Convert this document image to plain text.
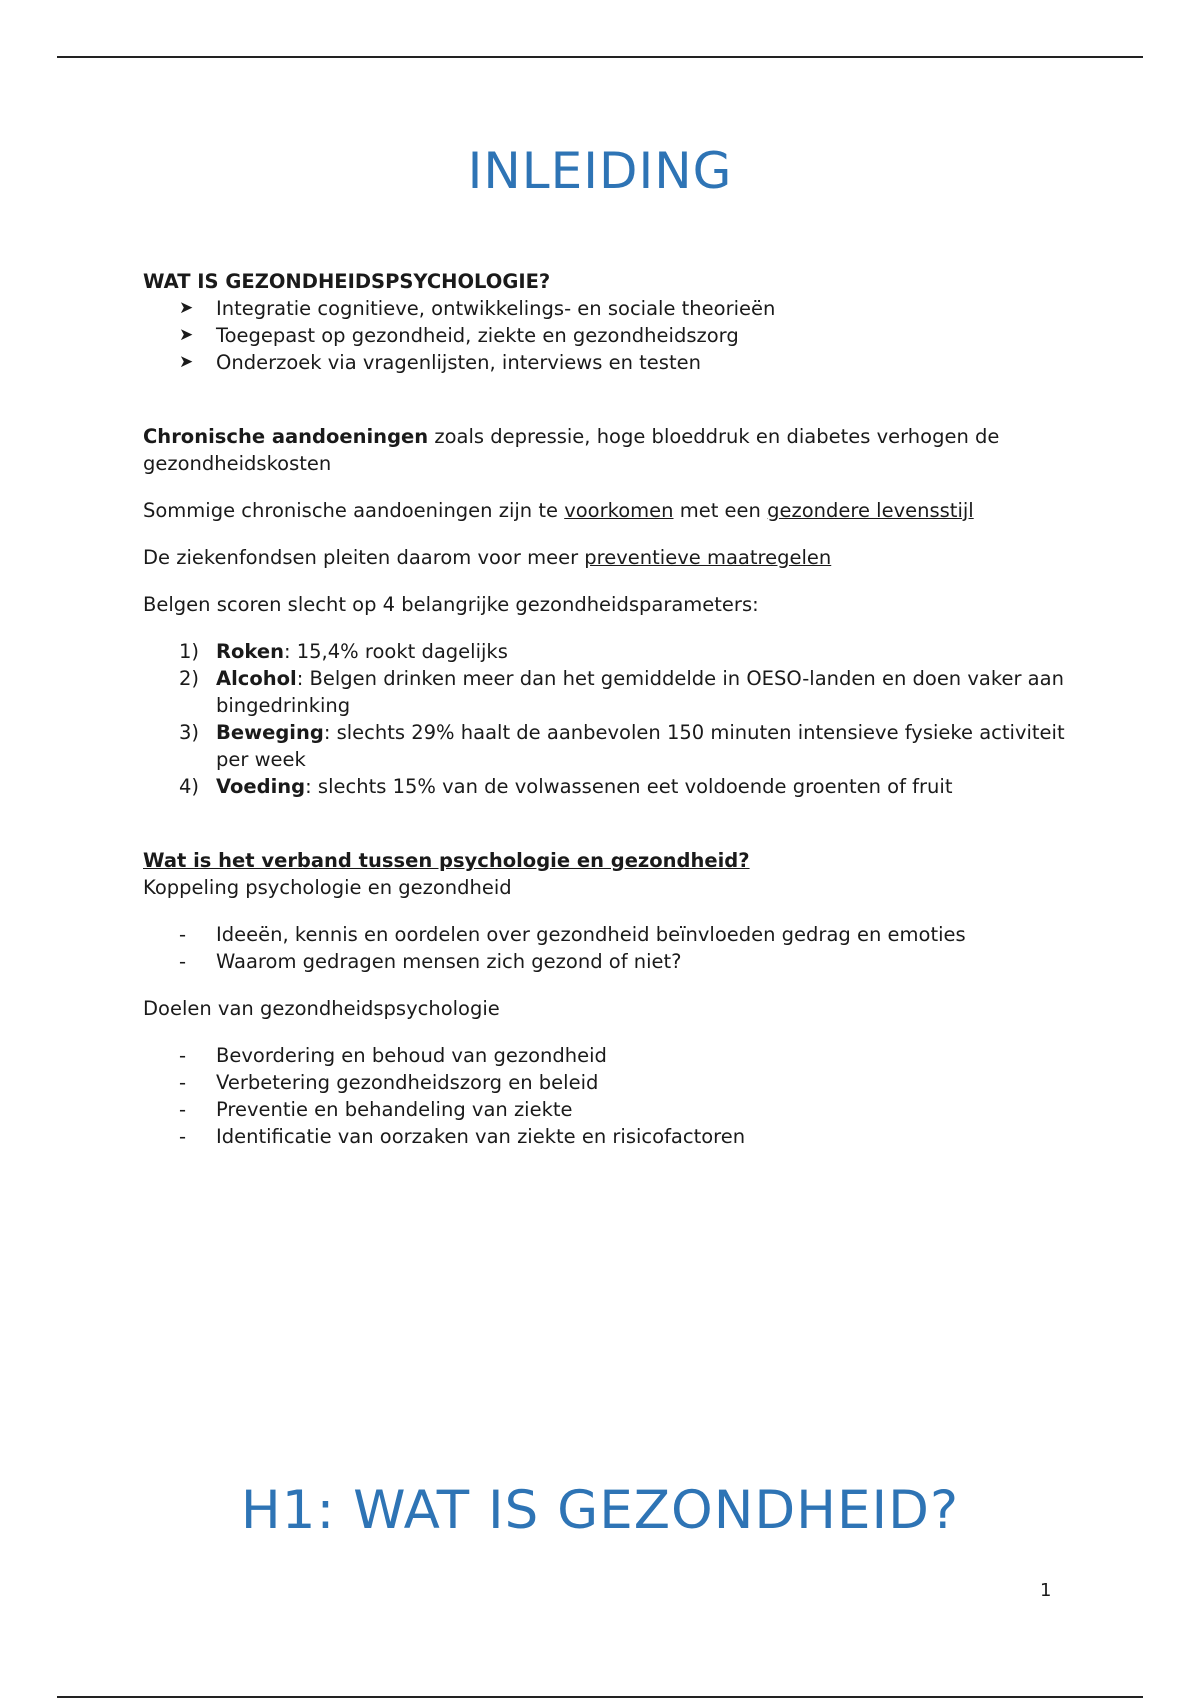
INLEIDING

WAT IS GEZONDHEIDSPSYCHOLOGIE?

➤ Integratie cognitieve, ontwikkelings- en sociale theorieën
➤ Toegepast op gezondheid, ziekte en gezondheidszorg
➤ Onderzoek via vragenlijsten, interviews en testen

Chronische aandoeningen zoals depressie, hoge bloeddruk en diabetes verhogen de gezondheidskosten

Sommige chronische aandoeningen zijn te voorkomen met een gezondere levensstijl

De ziekenfondsen pleiten daarom voor meer preventieve maatregelen

Belgen scoren slecht op 4 belangrijke gezondheidsparameters:

1) Roken: 15,4% rookt dagelijks
2) Alcohol: Belgen drinken meer dan het gemiddelde in OESO-landen en doen vaker aan bingedrinking
3) Beweging: slechts 29% haalt de aanbevolen 150 minuten intensieve fysieke activiteit per week
4) Voeding: slechts 15% van de volwassenen eet voldoende groenten of fruit

Wat is het verband tussen psychologie en gezondheid?

Koppeling psychologie en gezondheid

- Ideeën, kennis en oordelen over gezondheid beïnvloeden gedrag en emoties
- Waarom gedragen mensen zich gezond of niet?

Doelen van gezondheidspsychologie

- Bevordering en behoud van gezondheid
- Verbetering gezondheidszorg en beleid
- Preventie en behandeling van ziekte
- Identificatie van oorzaken van ziekte en risicofactoren
H1: WAT IS GEZONDHEID?
1
